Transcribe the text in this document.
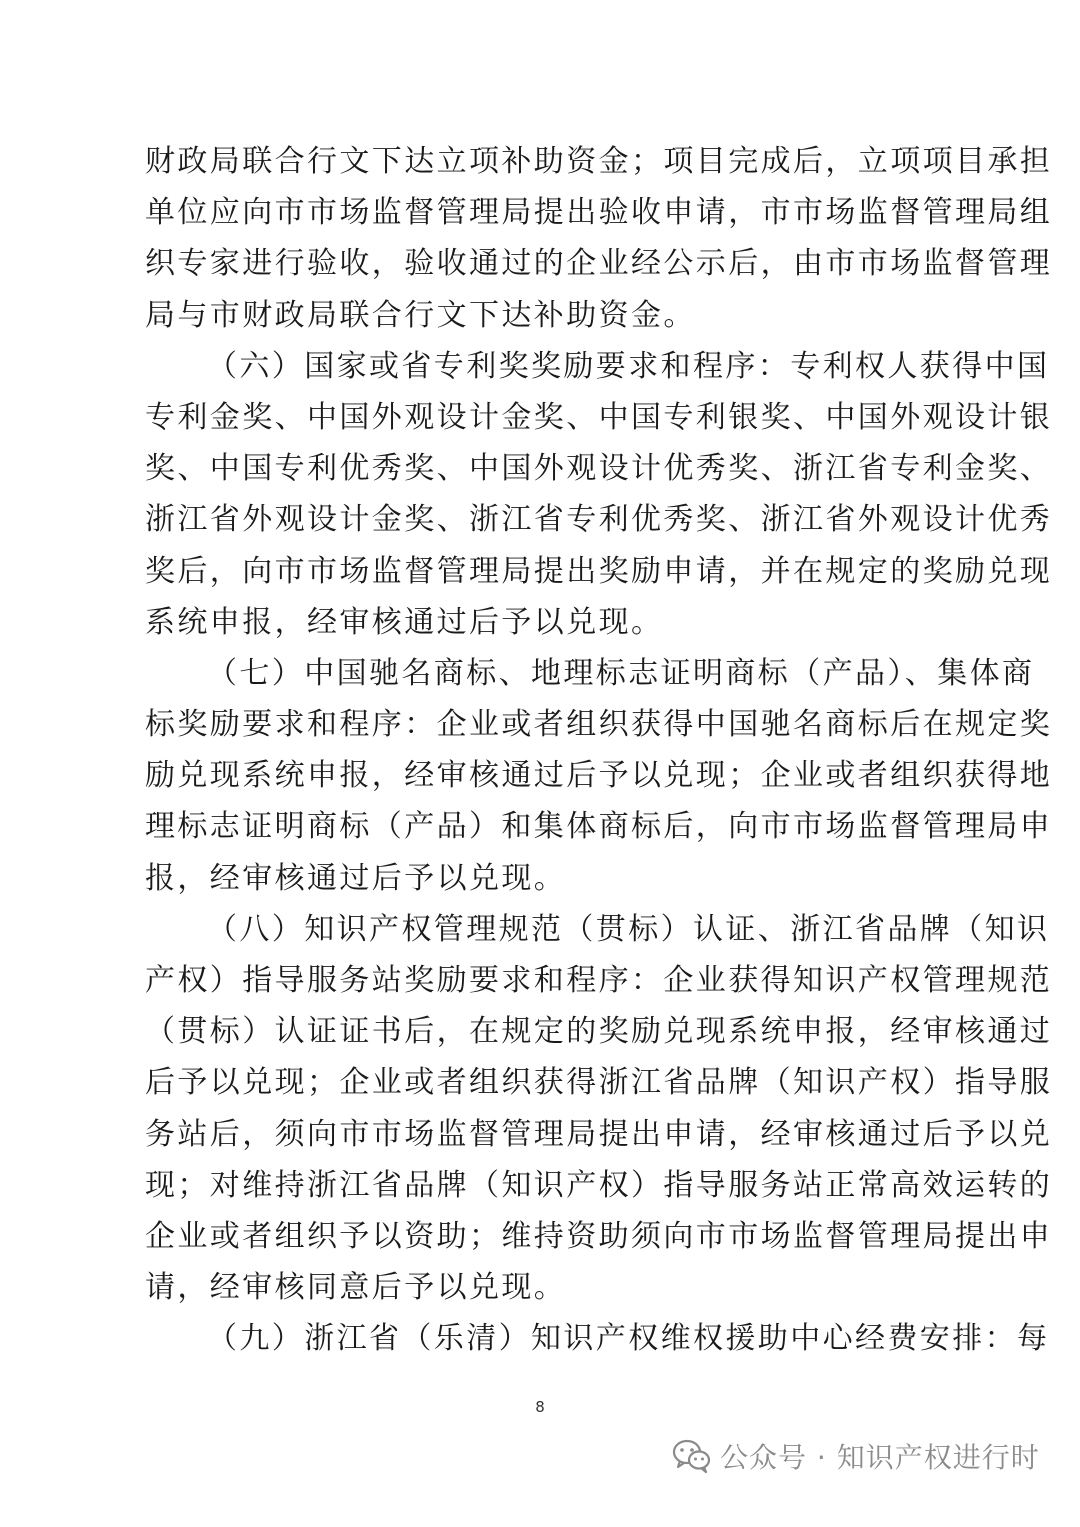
财政局联合行文下达立项补助资金；项目完成后，立项项目承担
单位应向市市场监督管理局提出验收申请，市市场监督管理局组
织专家进行验收，验收通过的企业经公示后，由市市场监督管理
局与市财政局联合行文下达补助资金。
（六）国家或省专利奖奖励要求和程序：专利权人获得中国
专利金奖、中国外观设计金奖、中国专利银奖、中国外观设计银
奖、中国专利优秀奖、中国外观设计优秀奖、浙江省专利金奖、
浙江省外观设计金奖、浙江省专利优秀奖、浙江省外观设计优秀
奖后，向市市场监督管理局提出奖励申请，并在规定的奖励兑现
系统申报，经审核通过后予以兑现。
（七）中国驰名商标、地理标志证明商标（产品）、集体商
标奖励要求和程序：企业或者组织获得中国驰名商标后在规定奖
励兑现系统申报，经审核通过后予以兑现；企业或者组织获得地
理标志证明商标（产品）和集体商标后，向市市场监督管理局申
报，经审核通过后予以兑现。
（八）知识产权管理规范（贯标）认证、浙江省品牌（知识
产权）指导服务站奖励要求和程序：企业获得知识产权管理规范
（贯标）认证证书后，在规定的奖励兑现系统申报，经审核通过
后予以兑现；企业或者组织获得浙江省品牌（知识产权）指导服
务站后，须向市市场监督管理局提出申请，经审核通过后予以兑
现；对维持浙江省品牌（知识产权）指导服务站正常高效运转的
企业或者组织予以资助；维持资助须向市市场监督管理局提出申
请，经审核同意后予以兑现。
（九）浙江省（乐清）知识产权维权援助中心经费安排：每
8
公众号 · 知识产权进行时
